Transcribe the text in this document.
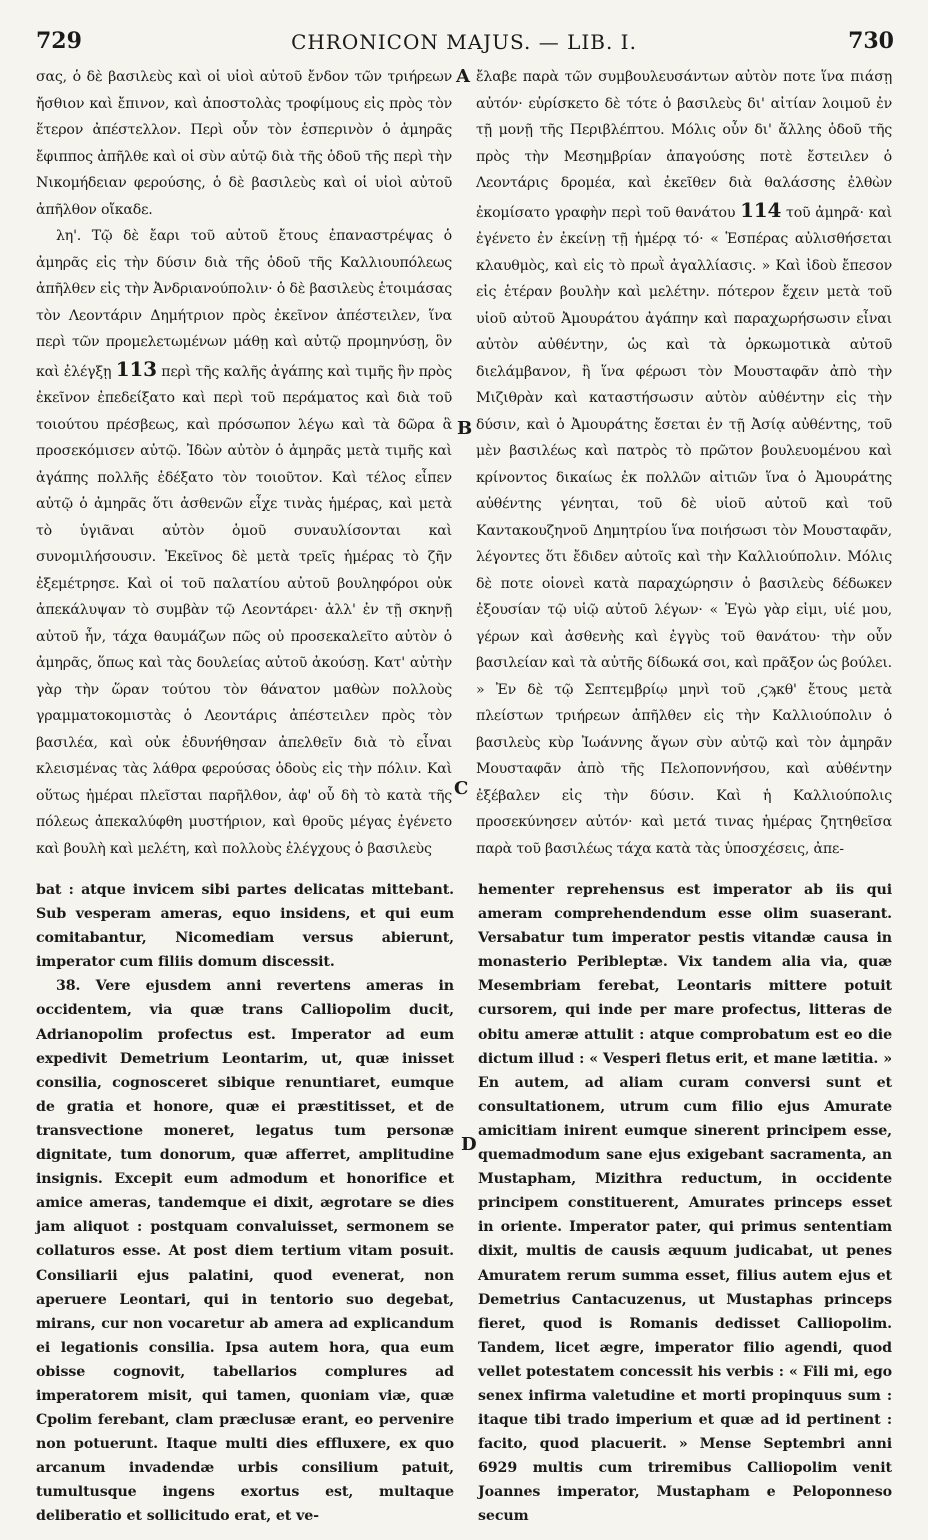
729	CHRONICON MAJUS. — LIB. I.	730

σας, ὁ δὲ βασιλεὺς καὶ οἱ υἱοὶ αὐτοῦ ἔνδον τῶν τριήρεων ἤσθιον καὶ ἔπινον, καὶ ἀποστολὰς τροφίμους εἰς πρὸς τὸν ἕτερον ἀπέστελλον. Περὶ οὖν τὸν ἑσπερινὸν ὁ ἀμηρᾶς ἔφιππος ἀπῆλθε καὶ οἱ σὺν αὐτῷ διὰ τῆς ὁδοῦ τῆς περὶ τὴν Νικομήδειαν φερούσης, ὁ δὲ βασιλεὺς καὶ οἱ υἱοὶ αὐτοῦ ἀπῆλθον οἴκαδε.

λη'. Τῷ δὲ ἔαρι τοῦ αὐτοῦ ἔτους ἐπαναστρέψας ὁ ἀμηρᾶς εἰς τὴν δύσιν διὰ τῆς ὁδοῦ τῆς Καλλιουπόλεως ἀπῆλθεν εἰς τὴν Ἀνδριανούπολιν· ὁ δὲ βασιλεὺς ἑτοιμάσας τὸν Λεοντάριν Δημήτριον πρὸς ἐκεῖνον ἀπέστειλεν, ἵνα περὶ τῶν προμελετωμένων μάθῃ καὶ αὐτῷ προμηνύσῃ, ὃν καὶ ἐλέγξῃ 113 περὶ τῆς καλῆς ἀγάπης καὶ τιμῆς ἣν πρὸς ἐκεῖνον ἐπεδείξατο καὶ περὶ τοῦ περάματος καὶ διὰ τοῦ τοιούτου πρέσβεως, καὶ πρόσωπον λέγω καὶ τὰ δῶρα ἃ προσεκόμισεν αὐτῷ. Ἰδὼν αὐτὸν ὁ ἀμηρᾶς μετὰ τιμῆς καὶ ἀγάπης πολλῆς ἐδέξατο τὸν τοιοῦτον. Καὶ τέλος εἶπεν αὐτῷ ὁ ἀμηρᾶς ὅτι ἀσθενῶν εἶχε τινὰς ἡμέρας, καὶ μετὰ τὸ ὑγιᾶναι αὐτὸν ὁμοῦ συναυλίσονται καὶ συνομιλήσουσιν. Ἐκεῖνος δὲ μετὰ τρεῖς ἡμέρας τὸ ζῆν ἐξεμέτρησε. Καὶ οἱ τοῦ παλατίου αὐτοῦ βουληφόροι οὐκ ἀπεκάλυψαν τὸ συμβὰν τῷ Λεοντάρει· ἀλλ' ἐν τῇ σκηνῇ αὐτοῦ ἦν, τάχα θαυμάζων πῶς οὐ προσεκαλεῖτο αὐτὸν ὁ ἀμηρᾶς, ὅπως καὶ τὰς δουλείας αὐτοῦ ἀκούσῃ. Κατ' αὐτὴν γὰρ τὴν ὥραν τούτου τὸν θάνατον μαθὼν πολλοὺς γραμματοκομιστὰς ὁ Λεοντάρις ἀπέστειλεν πρὸς τὸν βασιλέα, καὶ οὐκ ἐδυνήθησαν ἀπελθεῖν διὰ τὸ εἶναι κλεισμένας τὰς λάθρα φερούσας ὁδοὺς εἰς τὴν πόλιν. Καὶ οὕτως ἡμέραι πλεῖσται παρῆλθον, ἀφ' οὗ δὴ τὸ κατὰ τῆς πόλεως ἀπεκαλύφθη μυστήριον, καὶ θροῦς μέγας ἐγένετο καὶ βουλὴ καὶ μελέτη, καὶ πολλοὺς ἐλέγχους ὁ βασιλεὺς

A
B
C
D

ἔλαβε παρὰ τῶν συμβουλευσάντων αὐτὸν ποτε ἵνα πιάσῃ αὐτόν· εὑρίσκετο δὲ τότε ὁ βασιλεὺς δι' αἰτίαν λοιμοῦ ἐν τῇ μονῇ τῆς Περιβλέπτου. Μόλις οὖν δι' ἄλλης ὁδοῦ τῆς πρὸς τὴν Μεσημβρίαν ἀπαγούσης ποτὲ ἔστειλεν ὁ Λεοντάρις δρομέα, καὶ ἐκεῖθεν διὰ θαλάσσης ἐλθὼν ἐκομίσατο γραφὴν περὶ τοῦ θανάτου 114 τοῦ ἀμηρᾶ· καὶ ἐγένετο ἐν ἐκείνῃ τῇ ἡμέρᾳ τό· « Ἑσπέρας αὐλισθήσεται κλαυθμὸς, καὶ εἰς τὸ πρωῒ ἀγαλλίασις. » Καὶ ἰδοὺ ἔπεσον εἰς ἑτέραν βουλὴν καὶ μελέτην. πότερον ἔχειν μετὰ τοῦ υἱοῦ αὐτοῦ Ἀμουράτου ἀγάπην καὶ παραχωρήσωσιν εἶναι αὐτὸν αὐθέντην, ὡς καὶ τὰ ὁρκωμοτικὰ αὐτοῦ διελάμβανον, ἢ ἵνα φέρωσι τὸν Μουσταφᾶν ἀπὸ τὴν Μιζιθρὰν καὶ καταστήσωσιν αὐτὸν αὐθέντην εἰς τὴν δύσιν, καὶ ὁ Ἀμουράτης ἔσεται ἐν τῇ Ἀσίᾳ αὐθέντης, τοῦ μὲν βασιλέως καὶ πατρὸς τὸ πρῶτον βουλευομένου καὶ κρίνοντος δικαίως ἐκ πολλῶν αἰτιῶν ἵνα ὁ Ἀμουράτης αὐθέντης γένηται, τοῦ δὲ υἱοῦ αὐτοῦ καὶ τοῦ Καντακουζηνοῦ Δημητρίου ἵνα ποιήσωσι τὸν Μουσταφᾶν, λέγοντες ὅτι ἔδιδεν αὐτοῖς καὶ τὴν Καλλιούπολιν. Μόλις δὲ ποτε οἱονεὶ κατὰ παραχώρησιν ὁ βασιλεὺς δέδωκεν ἐξουσίαν τῷ υἱῷ αὐτοῦ λέγων· « Ἐγὼ γὰρ εἰμι, υἱέ μου, γέρων καὶ ἀσθενὴς καὶ ἐγγὺς τοῦ θανάτου· τὴν οὖν βασιλείαν καὶ τὰ αὐτῆς δίδωκά σοι, καὶ πρᾶξον ὡς βούλει. » Ἐν δὲ τῷ Σεπτεμβρίῳ μηνὶ τοῦ ͵ϛϡκθ' ἔτους μετὰ πλείστων τριήρεων ἀπῆλθεν εἰς τὴν Καλλιούπολιν ὁ βασιλεὺς κὺρ Ἰωάννης ἄγων σὺν αὐτῷ καὶ τὸν ἀμηρᾶν Μουσταφᾶν ἀπὸ τῆς Πελοποννήσου, καὶ αὐθέντην ἐξέβαλεν εἰς τὴν δύσιν. Καὶ ἡ Καλλιούπολις προσεκύνησεν αὐτόν· καὶ μετά τινας ἡμέρας ζητηθεῖσα παρὰ τοῦ βασιλέως τάχα κατὰ τὰς ὑποσχέσεις, ἀπε-

bat : atque invicem sibi partes delicatas mittebant. Sub vesperam ameras, equo insidens, et qui eum comitabantur, Nicomediam versus abierunt, imperator cum filiis domum discessit.

38. Vere ejusdem anni revertens ameras in occidentem, via quæ trans Calliopolim ducit, Adrianopolim profectus est. Imperator ad eum expedivit Demetrium Leontarim, ut, quæ inisset consilia, cognosceret sibique renuntiaret, eumque de gratia et honore, quæ ei præstitisset, et de transvectione moneret, legatus tum personæ dignitate, tum donorum, quæ afferret, amplitudine insignis. Excepit eum admodum et honorifice et amice ameras, tandemque ei dixit, ægrotare se dies jam aliquot : postquam convaluisset, sermonem se collaturos esse. At post diem tertium vitam posuit. Consiliarii ejus palatini, quod evenerat, non aperuere Leontari, qui in tentorio suo degebat, mirans, cur non vocaretur ab amera ad explicandum ei legationis consilia. Ipsa autem hora, qua eum obisse cognovit, tabellarios complures ad imperatorem misit, qui tamen, quoniam viæ, quæ Cpolim ferebant, clam præclusæ erant, eo pervenire non potuerunt. Itaque multi dies effluxere, ex quo arcanum invadendæ urbis consilium patuit, tumultusque ingens exortus est, multaque deliberatio et sollicitudo erat, et ve-

hementer reprehensus est imperator ab iis qui ameram comprehendendum esse olim suaserant. Versabatur tum imperator pestis vitandæ causa in monasterio Peribleptæ. Vix tandem alia via, quæ Mesembriam ferebat, Leontaris mittere potuit cursorem, qui inde per mare profectus, litteras de obitu ameræ attulit : atque comprobatum est eo die dictum illud : « Vesperi fletus erit, et mane lætitia. » En autem, ad aliam curam conversi sunt et consultationem, utrum cum filio ejus Amurate amicitiam inirent eumque sinerent principem esse, quemadmodum sane ejus exigebant sacramenta, an Mustapham, Mizithra reductum, in occidente principem constituerent, Amurates princeps esset in oriente. Imperator pater, qui primus sententiam dixit, multis de causis æquum judicabat, ut penes Amuratem rerum summa esset, filius autem ejus et Demetrius Cantacuzenus, ut Mustaphas princeps fieret, quod is Romanis dedisset Calliopolim. Tandem, licet ægre, imperator filio agendi, quod vellet potestatem concessit his verbis : « Fili mi, ego senex infirma valetudine et morti propinquus sum : itaque tibi trado imperium et quæ ad id pertinent : facito, quod placuerit. » Mense Septembri anni 6929 multis cum triremibus Calliopolim venit Joannes imperator, Mustapham e Peloponneso secum
